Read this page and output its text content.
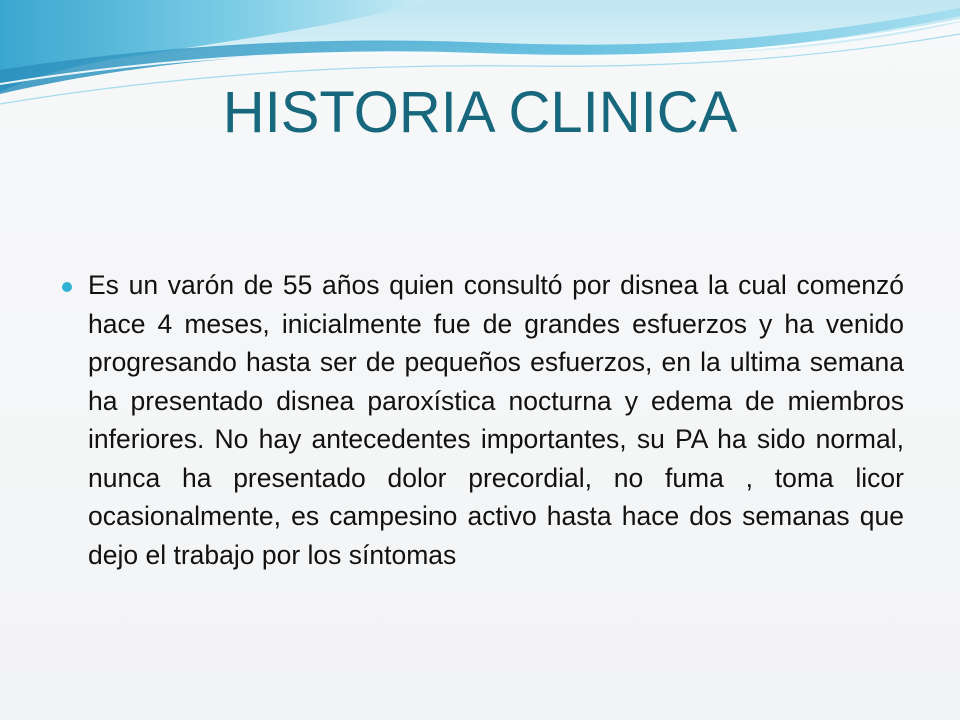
HISTORIA CLINICA

Es un varón de 55 años quien consultó por disnea la cual comenzó hace 4 meses, inicialmente fue de grandes esfuerzos y ha venido progresando hasta ser de pequeños esfuerzos, en la ultima semana ha presentado disnea paroxística nocturna y edema de miembros inferiores. No hay antecedentes importantes, su PA ha sido normal, nunca ha presentado dolor precordial, no fuma , toma licor ocasionalmente, es campesino activo hasta hace dos semanas que dejo el trabajo por los síntomas
